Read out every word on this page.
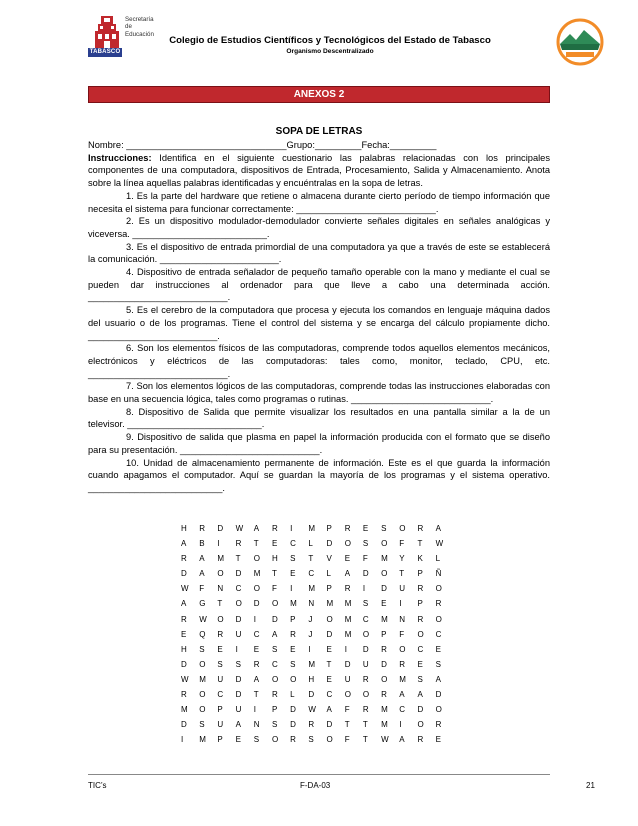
TABASCO
Secretaría
de
Educación
Colegio de Estudios Científicos y Tecnológicos del Estado de Tabasco
Organismo Descentralizado
ANEXOS 2
SOPA DE LETRAS

Nombre: _______________________________Grupo:_________Fecha:_________

Instrucciones: Identifica en el siguiente cuestionario las palabras relacionadas con los principales componentes de una computadora, dispositivos de Entrada, Procesamiento, Salida y Almacenamiento. Anota sobre la línea aquellas palabras identificadas y encuéntralas en la sopa de letras.

1. Es la parte del hardware que retiene o almacena durante cierto período de tiempo información que necesita el sistema para funcionar correctamente: ___________________________.

2. Es un dispositivo modulador-demodulador convierte señales digitales en señales analógicas y viceversa. __________________________.

3. Es el dispositivo de entrada primordial de una computadora ya que a través de este se establecerá la comunicación. _______________________.

4. Dispositivo de entrada señalador de pequeño tamaño operable con la mano y mediante el cual se pueden dar instrucciones al ordenador para que lleve a cabo una determinada acción. ___________________________.

5. Es el cerebro de la computadora que procesa y ejecuta los comandos en lenguaje máquina dados del usuario o de los programas. Tiene el control del sistema y se encarga del cálculo propiamente dicho. _________________________.

6. Son los elementos físicos de las computadoras, comprende todos aquellos elementos mecánicos, electrónicos y eléctricos de las computadoras: tales como, monitor, teclado, CPU, etc. ___________________________.

7. Son los elementos lógicos de las computadoras, comprende todas las instrucciones elaboradas con base en una secuencia lógica, tales como programas o rutinas. ___________________________.

8. Dispositivo de Salida que permite visualizar los resultados en una pantalla similar a la de un televisor. __________________________.

9. Dispositivo de salida que plasma en papel la información producida con el formato que se diseño para su presentación. ___________________________.

10. Unidad de almacenamiento permanente de información. Este es el que guarda la información cuando apagamos el computador. Aquí se guardan la mayoría de los programas y el sistema operativo. __________________________.

H	R	D	W	A	R	I	M	P	R	E	S	O	R	A
A	B	I	R	T	E	C	L	D	O	S	O	F	T	W
R	A	M	T	O	H	S	T	V	E	F	M	Y	K	L
D	A	O	D	M	T	E	C	L	A	D	O	T	P	Ñ
W	F	N	C	O	F	I	M	P	R	I	D	U	R	O
A	G	T	O	D	O	M	N	M	M	S	E	I	P	R
R	W	O	D	I	D	P	J	O	M	C	M	N	R	O
E	Q	R	U	C	A	R	J	D	M	O	P	F	O	C
H	S	E	I	E	S	E	I	E	I	D	R	O	C	E
D	O	S	S	R	C	S	M	T	D	U	D	R	E	S
W	M	U	D	A	O	O	H	E	U	R	O	M	S	A
R	O	C	D	T	R	L	D	C	O	O	R	A	A	D
M	O	P	U	I	P	D	W	A	F	R	M	C	D	O
D	S	U	A	N	S	D	R	D	T	T	M	I	O	R
I	M	P	E	S	O	R	S	O	F	T	W	A	R	E
TIC’s	F-DA-03	21
